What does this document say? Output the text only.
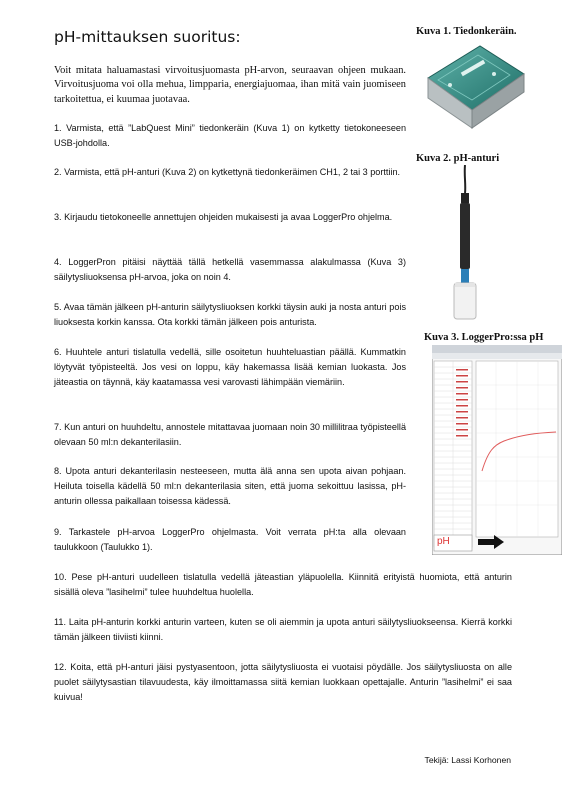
pH-mittauksen suoritus:

Voit mitata haluamastasi virvoitusjuomasta pH-arvon, seuraavan ohjeen mukaan. Virvoitusjuoma voi olla mehua, limpparia, energiajuomaa, ihan mitä vain juomiseen tarkoitettua, ei kuumaa juotavaa.

1. Varmista, että ”LabQuest Mini” tiedonkeräin (Kuva 1) on kytketty tietokoneeseen USB-johdolla.

2. Varmista, että pH-anturi (Kuva 2) on kytkettynä tiedonkeräimen CH1, 2 tai 3 porttiin.

3. Kirjaudu tietokoneelle annettujen ohjeiden mukaisesti ja avaa LoggerPro ohjelma.

4. LoggerPron pitäisi näyttää tällä hetkellä vasemmassa alakulmassa (Kuva 3) säilytysliuoksensa pH-arvoa, joka on noin 4.

5. Avaa tämän jälkeen pH-anturin säilytysliuoksen korkki täysin auki ja nosta anturi pois liuoksesta korkin kanssa. Ota korkki tämän jälkeen pois anturista.

6. Huuhtele anturi tislatulla vedellä, sille osoitetun huuhteluastian päällä. Kummatkin löytyvät työpisteeltä. Jos vesi on loppu, käy hakemassa lisää kemian luokasta. Jos jäteastia on täynnä, käy kaatamassa vesi varovasti lähimpään viemäriin.

7. Kun anturi on huuhdeltu, annostele mitattavaa juomaan noin 30 millilitraa työpisteellä olevaan 50 ml:n dekanterilasiin.

8. Upota anturi dekanterilasin nesteeseen, mutta älä anna sen upota aivan pohjaan. Heiluta toisella kädellä 50 ml:n dekanterilasia siten, että juoma sekoittuu lasissa, pH-anturin ollessa paikallaan toisessa kädessä.

9. Tarkastele pH-arvoa LoggerPro ohjelmasta. Voit verrata pH:ta alla olevaan taulukkoon (Taulukko 1).

10. Pese pH-anturi uudelleen tislatulla vedellä jäteastian yläpuolella. Kiinnitä erityistä huomiota, että anturin sisällä oleva ”lasihelmi” tulee huuhdeltua huolella.

11. Laita pH-anturin korkki anturin varteen, kuten se oli aiemmin ja upota anturi säilytysliuokseensa. Kierrä korkki tämän jälkeen tiiviisti kiinni.

12. Koita, että pH-anturi jäisi pystyasentoon, jotta säilytysliuosta ei vuotaisi pöydälle. Jos säilytysliuosta on alle puolet säilytysastian tilavuudesta, käy ilmoittamassa siitä kemian luokkaan opettajalle. Anturin ”lasihelmi” ei saa kuivua!

Kuva 1. Tiedonkeräin.
Kuva 2. pH-anturi
Kuva 3. LoggerPro:ssa pH
pH
Tekijä: Lassi Korhonen
